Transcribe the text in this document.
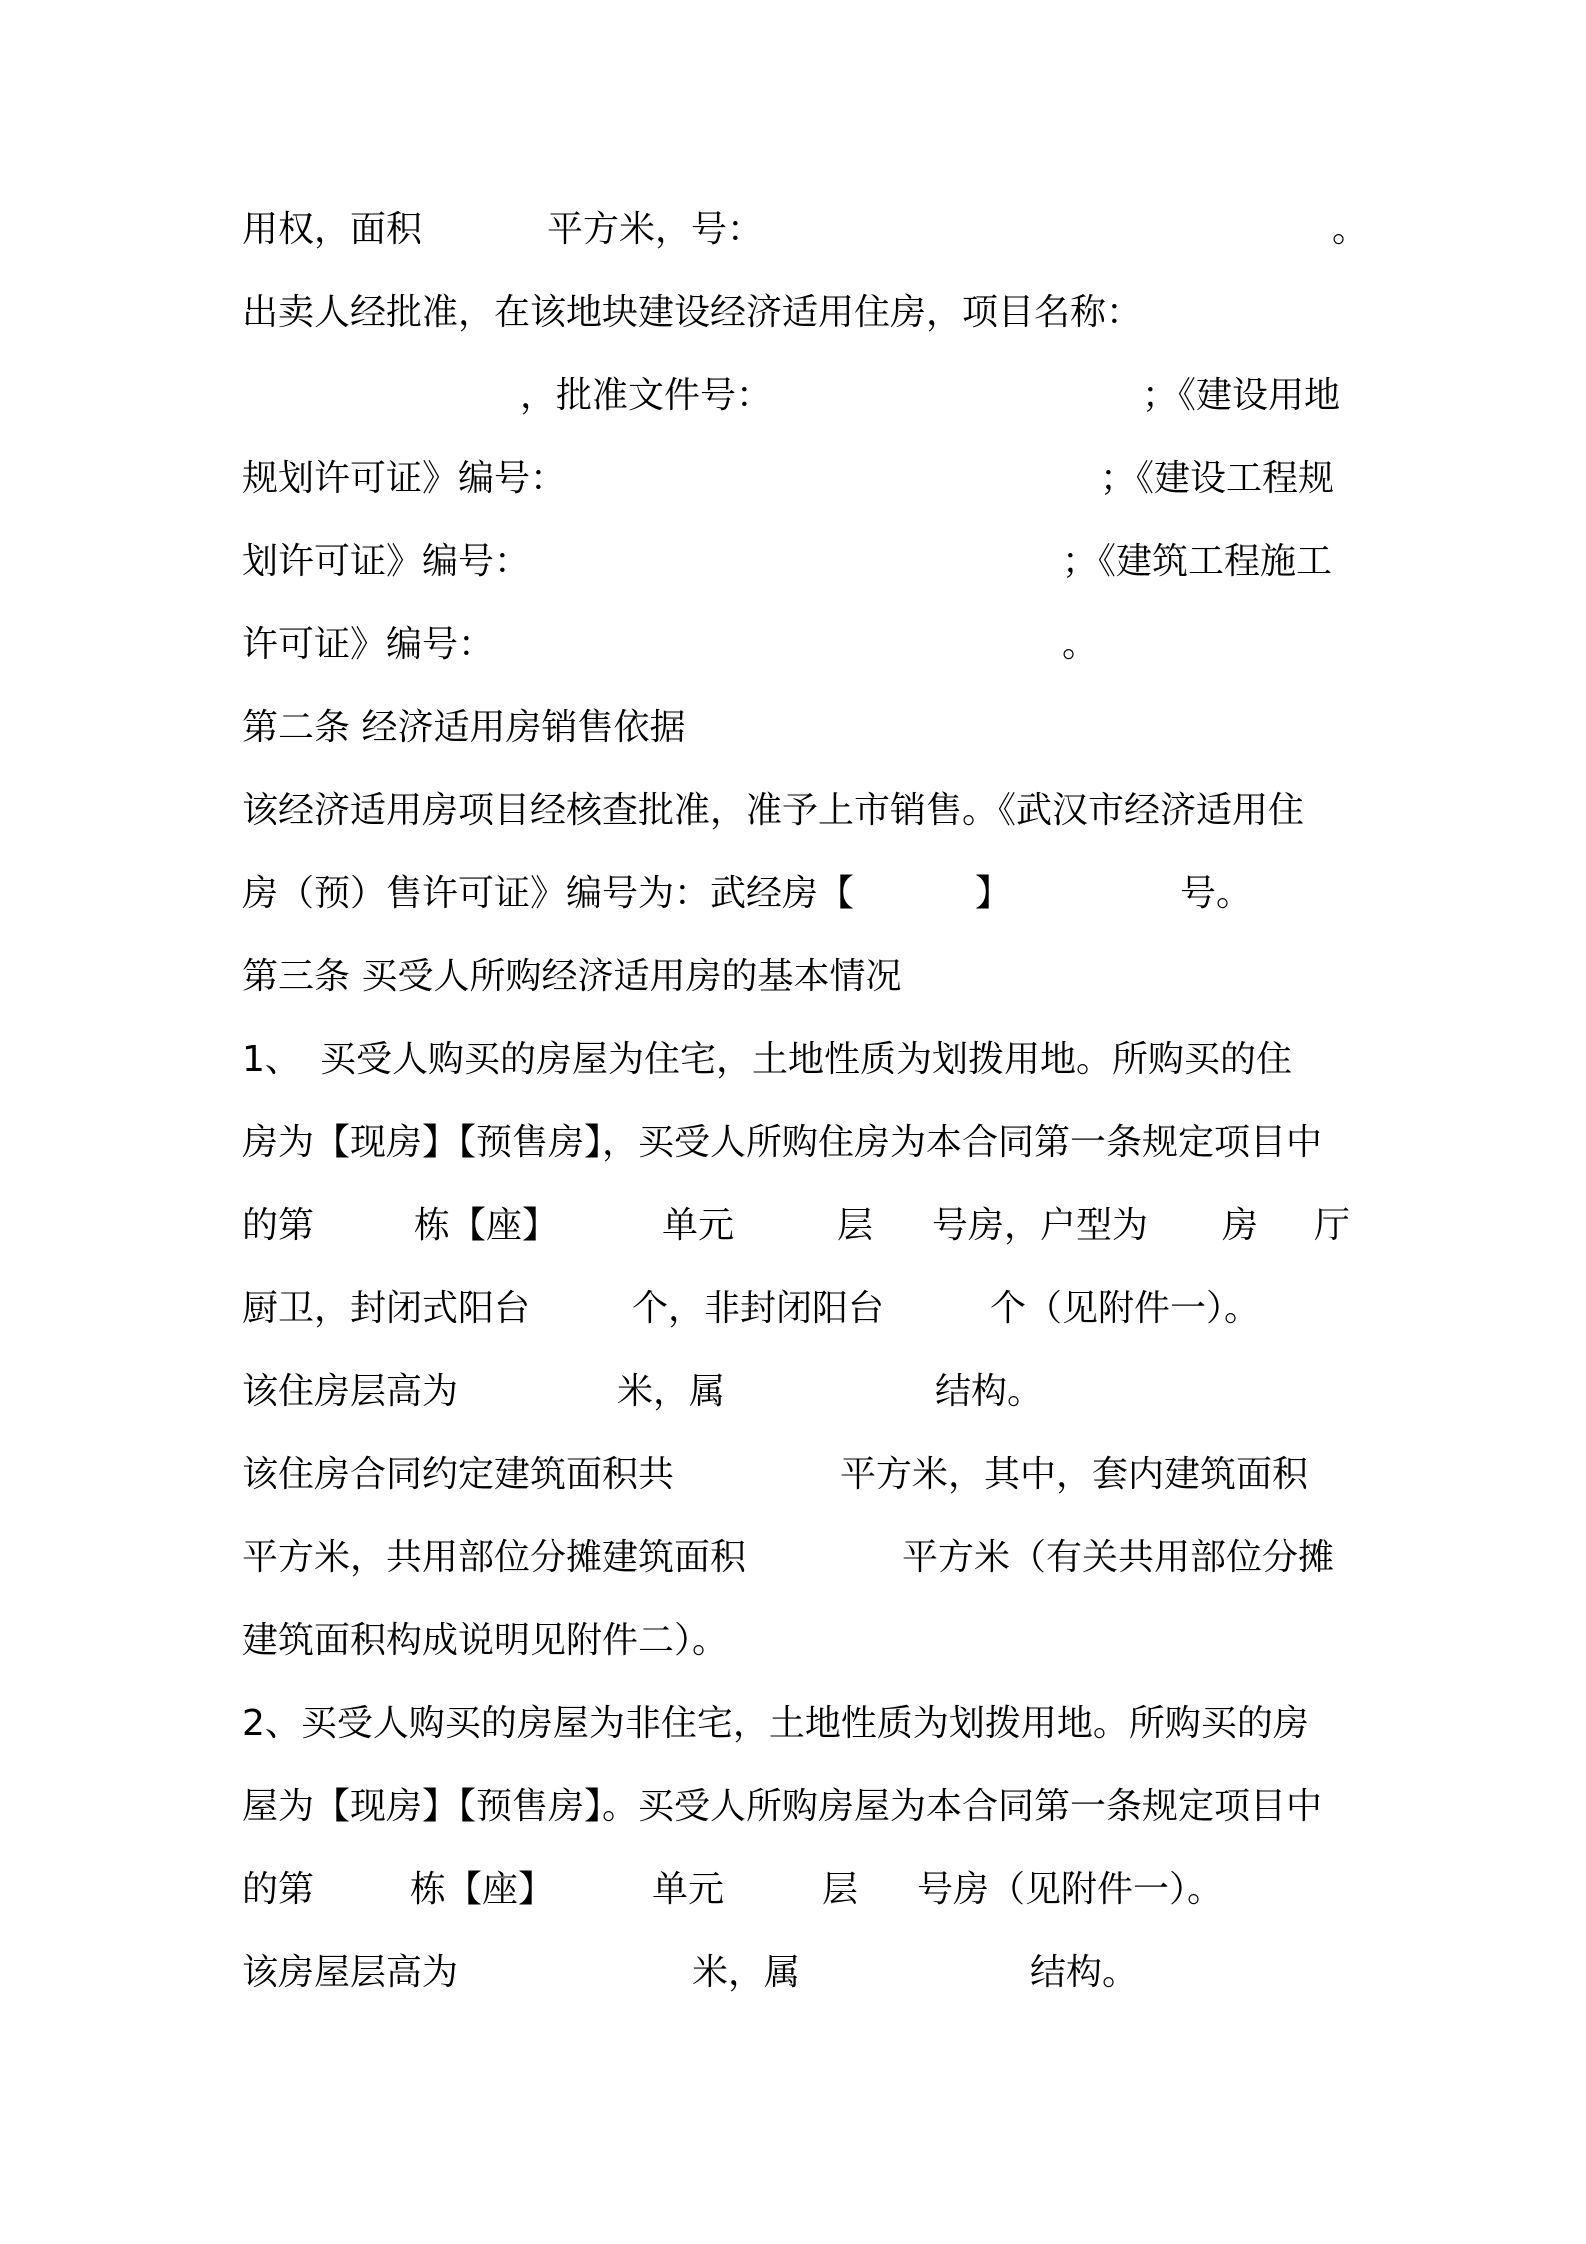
用权，面积	平方米，号：	。
出卖人经批准，在该地块建设经济适用住房，项目名称：
，批准文件号：	；《建设用地
规划许可证》编号：	；《建设工程规
划许可证》编号：	；《建筑工程施工
许可证》编号：	。
第二条 经济适用房销售依据
该经济适用房项目经核查批准，准予上市销售。《武汉市经济适用住
房（预）售许可证》编号为：武经房【	】	号。
第三条 买受人所购经济适用房的基本情况
1、 买受人购买的房屋为住宅，土地性质为划拨用地。所购买的住
房为【现房】【预售房】，买受人所购住房为本合同第一条规定项目中
的第	栋【座】	单元	层 号房，户型为 房 厅
厨卫，封闭式阳台	个，非封闭阳台	个（见附件一）。
该住房层高为	米，属	结构。
该住房合同约定建筑面积共	平方米，其中，套内建筑面积
平方米，共用部位分摊建筑面积	平方米（有关共用部位分摊
建筑面积构成说明见附件二）。
2、买受人购买的房屋为非住宅，土地性质为划拨用地。所购买的房
屋为【现房】【预售房】。买受人所购房屋为本合同第一条规定项目中
的第	栋【座】	单元	层 号房（见附件一）。
该房屋层高为	米，属	结构。
